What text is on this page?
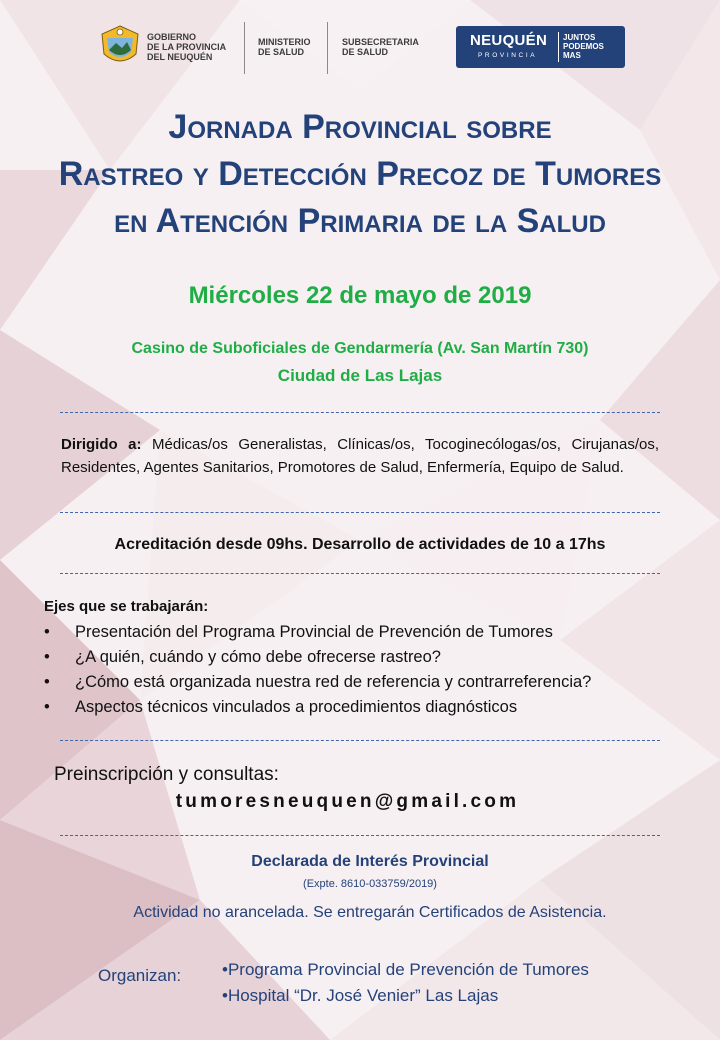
GOBIERNO
DE LA PROVINCIA
DEL NEUQUÉN
MINISTERIO
DE SALUD
SUBSECRETARIA
DE SALUD
NEUQUÉN
PROVINCIA
JUNTOS
PODEMOS
MAS
Jornada Provincial sobre
Rastreo y Detección Precoz de Tumores
en Atención Primaria de la Salud
Miércoles 22 de mayo de 2019
Casino de Suboficiales de Gendarmería (Av. San Martín 730)
Ciudad de Las Lajas
Dirigido a: Médicas/os Generalistas, Clínicas/os, Tocoginecólogas/os, Cirujanas/os, Residentes, Agentes Sanitarios, Promotores de Salud, Enfermería, Equipo de Salud.
Acreditación desde 09hs. Desarrollo de actividades de 10 a 17hs
Ejes que se trabajarán:
• Presentación del Programa Provincial de Prevención de Tumores
• ¿A quién, cuándo y cómo debe ofrecerse rastreo?
• ¿Cómo está organizada nuestra red de referencia y contrarreferencia?
• Aspectos técnicos vinculados a procedimientos diagnósticos
Preinscripción y consultas:
tumoresneuquen@gmail.com
Declarada de Interés Provincial
(Expte. 8610-033759/2019)
Actividad no arancelada. Se entregarán Certificados de Asistencia.
Organizan: •Programa Provincial de Prevención de Tumores
•Hospital “Dr. José Venier” Las Lajas
